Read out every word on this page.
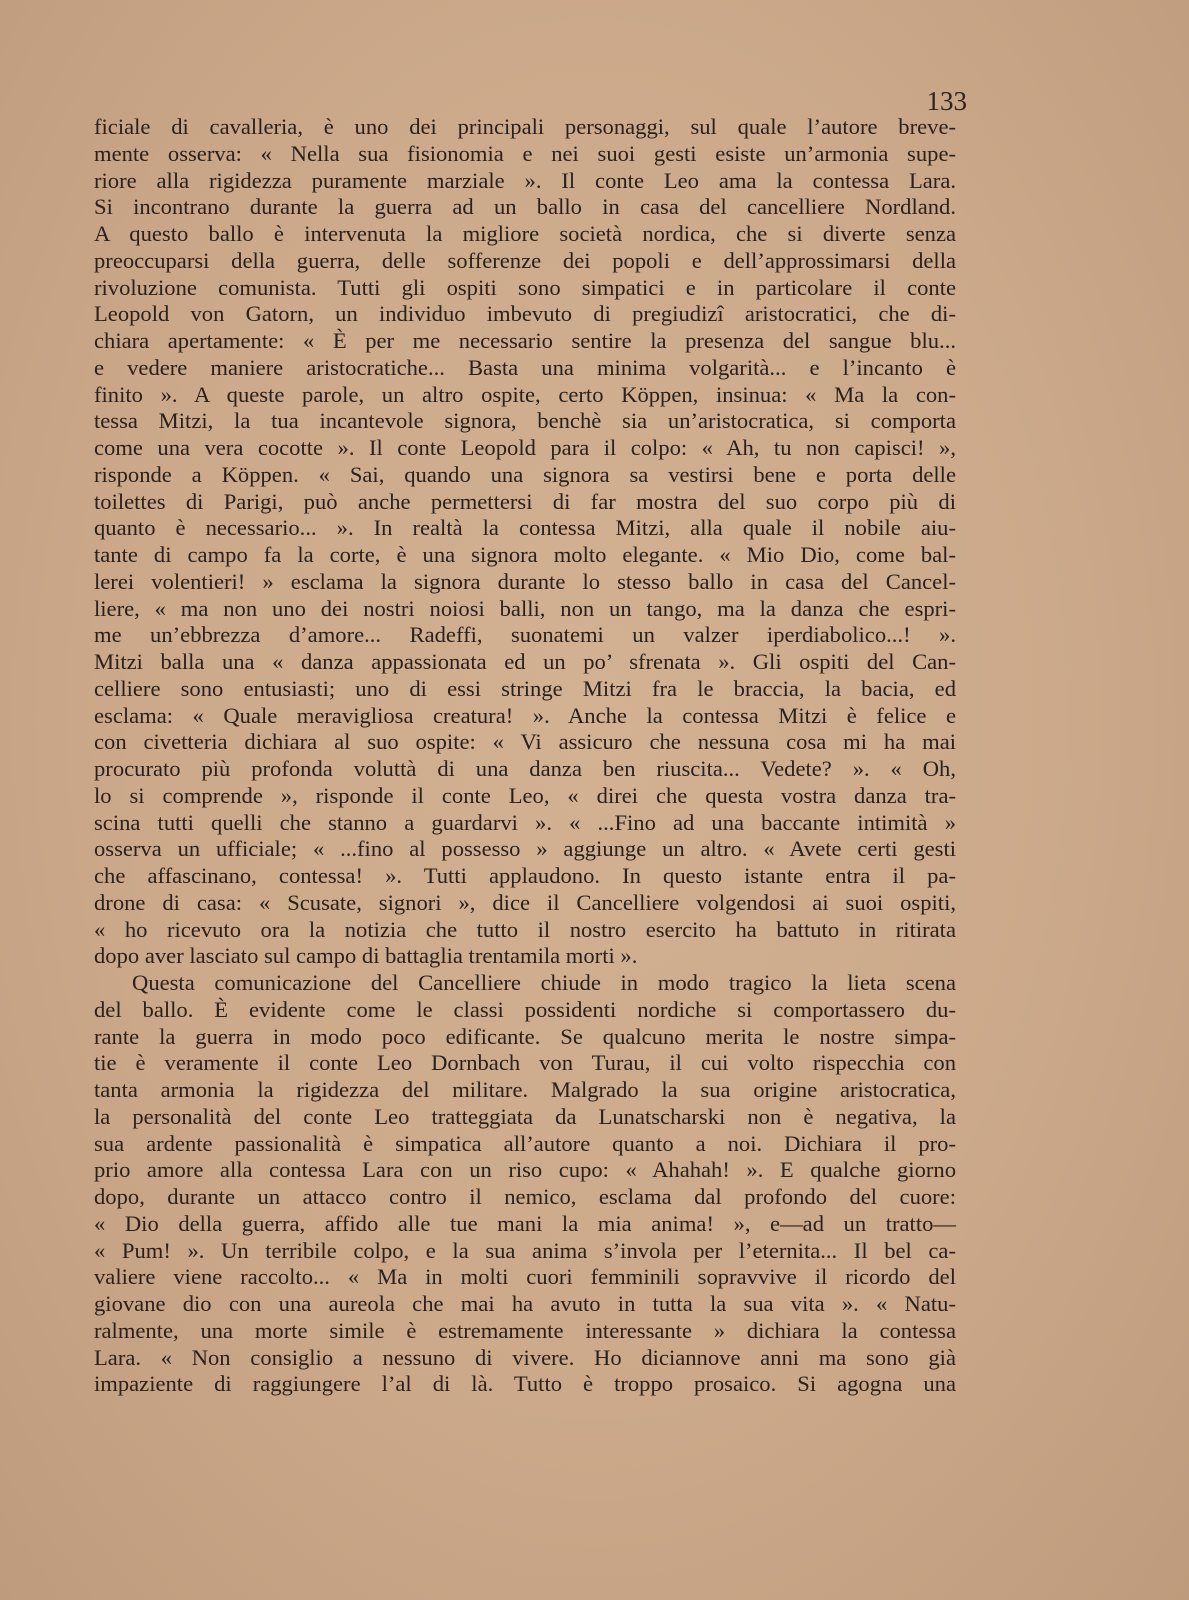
133

ficiale di cavalleria, è uno dei principali personaggi, sul quale l’autore breve-
mente osserva: « Nella sua fisionomia e nei suoi gesti esiste un’armonia supe-
riore alla rigidezza puramente marziale ». Il conte Leo ama la contessa Lara.
Si incontrano durante la guerra ad un ballo in casa del cancelliere Nordland.
A questo ballo è intervenuta la migliore società nordica, che si diverte senza
preoccuparsi della guerra, delle sofferenze dei popoli e dell’approssimarsi della
rivoluzione comunista. Tutti gli ospiti sono simpatici e in particolare il conte
Leopold von Gatorn, un individuo imbevuto di pregiudizî aristocratici, che di-
chiara apertamente: « È per me necessario sentire la presenza del sangue blu...
e vedere maniere aristocratiche... Basta una minima volgarità... e l’incanto è
finito ». A queste parole, un altro ospite, certo Köppen, insinua: « Ma la con-
tessa Mitzi, la tua incantevole signora, benchè sia un’aristocratica, si comporta
come una vera cocotte ». Il conte Leopold para il colpo: « Ah, tu non capisci! »,
risponde a Köppen. « Sai, quando una signora sa vestirsi bene e porta delle
toilettes di Parigi, può anche permettersi di far mostra del suo corpo più di
quanto è necessario... ». In realtà la contessa Mitzi, alla quale il nobile aiu-
tante di campo fa la corte, è una signora molto elegante. « Mio Dio, come bal-
lerei volentieri! » esclama la signora durante lo stesso ballo in casa del Cancel-
liere, « ma non uno dei nostri noiosi balli, non un tango, ma la danza che espri-
me un’ebbrezza d’amore... Radeffi, suonatemi un valzer iperdiabolico...! ».
Mitzi balla una « danza appassionata ed un po’ sfrenata ». Gli ospiti del Can-
celliere sono entusiasti; uno di essi stringe Mitzi fra le braccia, la bacia, ed
esclama: « Quale meravigliosa creatura! ». Anche la contessa Mitzi è felice e
con civetteria dichiara al suo ospite: « Vi assicuro che nessuna cosa mi ha mai
procurato più profonda voluttà di una danza ben riuscita... Vedete? ». « Oh,
lo si comprende », risponde il conte Leo, « direi che questa vostra danza tra-
scina tutti quelli che stanno a guardarvi ». « ...Fino ad una baccante intimità »
osserva un ufficiale; « ...fino al possesso » aggiunge un altro. « Avete certi gesti
che affascinano, contessa! ». Tutti applaudono. In questo istante entra il pa-
drone di casa: « Scusate, signori », dice il Cancelliere volgendosi ai suoi ospiti,
« ho ricevuto ora la notizia che tutto il nostro esercito ha battuto in ritirata
dopo aver lasciato sul campo di battaglia trentamila morti ».
Questa comunicazione del Cancelliere chiude in modo tragico la lieta scena
del ballo. È evidente come le classi possidenti nordiche si comportassero du-
rante la guerra in modo poco edificante. Se qualcuno merita le nostre simpa-
tie è veramente il conte Leo Dornbach von Turau, il cui volto rispecchia con
tanta armonia la rigidezza del militare. Malgrado la sua origine aristocratica,
la personalità del conte Leo tratteggiata da Lunatscharski non è negativa, la
sua ardente passionalità è simpatica all’autore quanto a noi. Dichiara il pro-
prio amore alla contessa Lara con un riso cupo: « Ahahah! ». E qualche giorno
dopo, durante un attacco contro il nemico, esclama dal profondo del cuore:
« Dio della guerra, affido alle tue mani la mia anima! », e—ad un tratto—
« Pum! ». Un terribile colpo, e la sua anima s’invola per l’eternita... Il bel ca-
valiere viene raccolto... « Ma in molti cuori femminili sopravvive il ricordo del
giovane dio con una aureola che mai ha avuto in tutta la sua vita ». « Natu-
ralmente, una morte simile è estremamente interessante » dichiara la contessa
Lara. « Non consiglio a nessuno di vivere. Ho diciannove anni ma sono già
impaziente di raggiungere l’al di là. Tutto è troppo prosaico. Si agogna una
